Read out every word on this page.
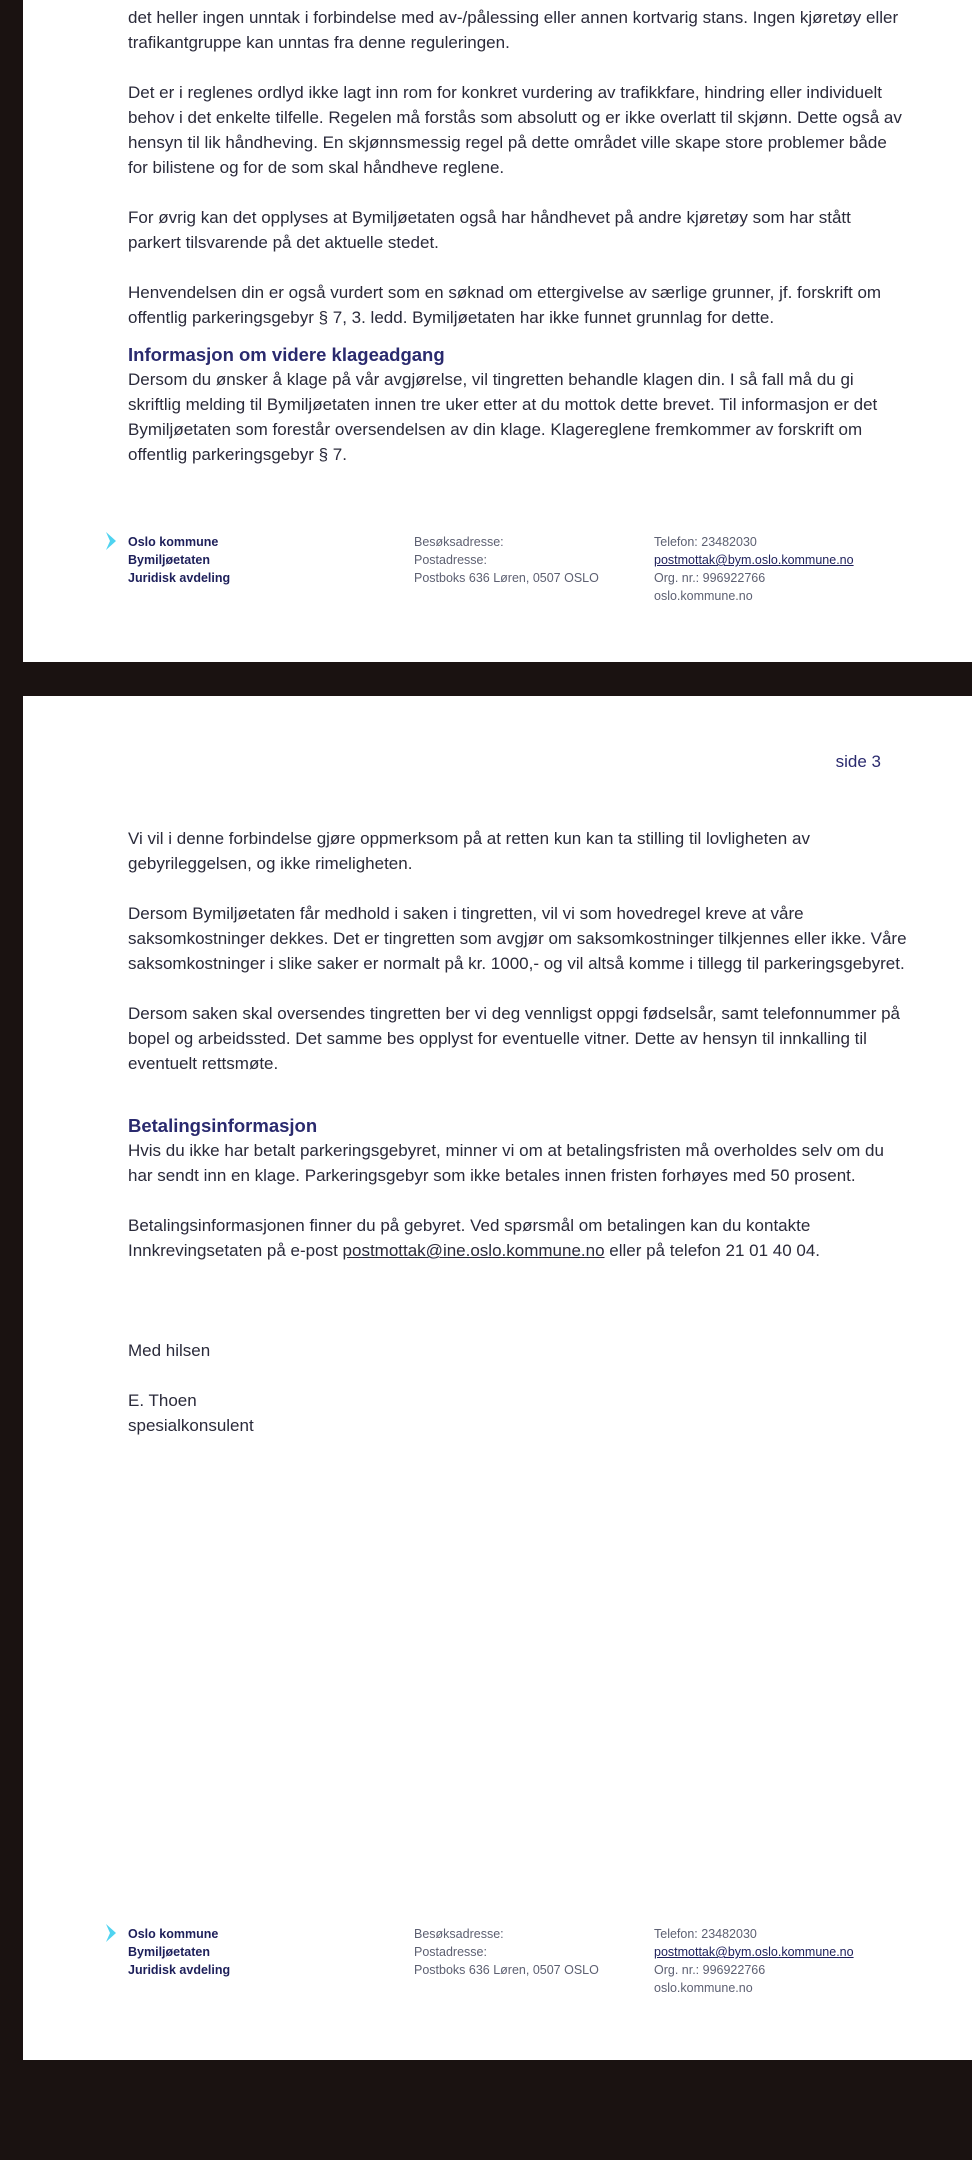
det heller ingen unntak i forbindelse med av-/pålessing eller annen kortvarig stans. Ingen kjøretøy eller trafikantgruppe kan unntas fra denne reguleringen.

Det er i reglenes ordlyd ikke lagt inn rom for konkret vurdering av trafikkfare, hindring eller individuelt behov i det enkelte tilfelle. Regelen må forstås som absolutt og er ikke overlatt til skjønn. Dette også av hensyn til lik håndheving. En skjønnsmessig regel på dette området ville skape store problemer både for bilistene og for de som skal håndheve reglene.

For øvrig kan det opplyses at Bymiljøetaten også har håndhevet på andre kjøretøy som har stått parkert tilsvarende på det aktuelle stedet.

Henvendelsen din er også vurdert som en søknad om ettergivelse av særlige grunner, jf. forskrift om offentlig parkeringsgebyr § 7, 3. ledd. Bymiljøetaten har ikke funnet grunnlag for dette.

Informasjon om videre klageadgang

Dersom du ønsker å klage på vår avgjørelse, vil tingretten behandle klagen din. I så fall må du gi skriftlig melding til Bymiljøetaten innen tre uker etter at du mottok dette brevet. Til informasjon er det Bymiljøetaten som forestår oversendelsen av din klage. Klagereglene fremkommer av forskrift om offentlig parkeringsgebyr § 7.

Oslo kommune
Bymiljøetaten
Juridisk avdeling
Besøksadresse:
Postadresse:
Postboks 636 Løren, 0507 OSLO
Telefon: 23482030
postmottak@bym.oslo.kommune.no
Org. nr.: 996922766
oslo.kommune.no
side 3

Vi vil i denne forbindelse gjøre oppmerksom på at retten kun kan ta stilling til lovligheten av gebyrileggelsen, og ikke rimeligheten.

Dersom Bymiljøetaten får medhold i saken i tingretten, vil vi som hovedregel kreve at våre saksomkostninger dekkes. Det er tingretten som avgjør om saksomkostninger tilkjennes eller ikke. Våre saksomkostninger i slike saker er normalt på kr. 1000,- og vil altså komme i tillegg til parkeringsgebyret.

Dersom saken skal oversendes tingretten ber vi deg vennligst oppgi fødselsår, samt telefonnummer på bopel og arbeidssted. Det samme bes opplyst for eventuelle vitner. Dette av hensyn til innkalling til eventuelt rettsmøte.

Betalingsinformasjon

Hvis du ikke har betalt parkeringsgebyret, minner vi om at betalingsfristen må overholdes selv om du har sendt inn en klage. Parkeringsgebyr som ikke betales innen fristen forhøyes med 50 prosent.

Betalingsinformasjonen finner du på gebyret. Ved spørsmål om betalingen kan du kontakte Innkrevingsetaten på e-post postmottak@ine.oslo.kommune.no eller på telefon 21 01 40 04.

Med hilsen

E. Thoen

spesialkonsulent

Oslo kommune
Bymiljøetaten
Juridisk avdeling
Besøksadresse:
Postadresse:
Postboks 636 Løren, 0507 OSLO
Telefon: 23482030
postmottak@bym.oslo.kommune.no
Org. nr.: 996922766
oslo.kommune.no
